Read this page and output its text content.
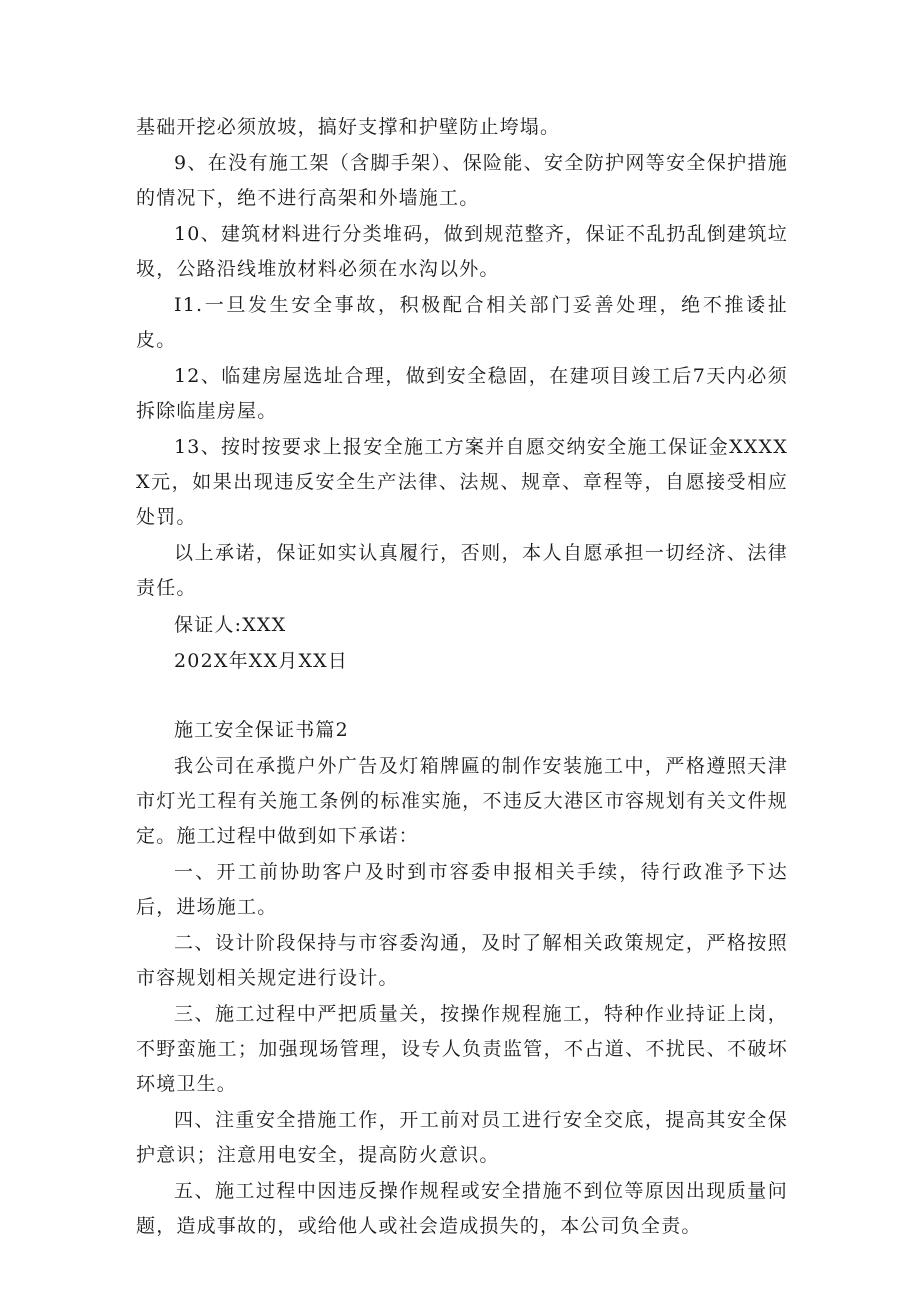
基础开挖必须放坡，搞好支撑和护壁防止垮塌。

9、在没有施工架（含脚手架）、保险能、安全防护网等安全保护措施的情况下，绝不进行高架和外墙施工。

10、建筑材料进行分类堆码，做到规范整齐，保证不乱扔乱倒建筑垃圾，公路沿线堆放材料必须在水沟以外。

I1.一旦发生安全事故，积极配合相关部门妥善处理，绝不推诿扯皮。

12、临建房屋选址合理，做到安全稳固，在建项目竣工后7天内必须拆除临崖房屋。

13、按时按要求上报安全施工方案并自愿交纳安全施工保证金XXXXX元，如果出现违反安全生产法律、法规、规章、章程等，自愿接受相应处罚。

以上承诺，保证如实认真履行，否则，本人自愿承担一切经济、法律责任。

保证人:XXX

202X年XX月XX日

施工安全保证书篇2

我公司在承揽户外广告及灯箱牌匾的制作安装施工中，严格遵照天津市灯光工程有关施工条例的标准实施，不违反大港区市容规划有关文件规定。施工过程中做到如下承诺：

一、开工前协助客户及时到市容委申报相关手续，待行政准予下达后，进场施工。

二、设计阶段保持与市容委沟通，及时了解相关政策规定，严格按照市容规划相关规定进行设计。

三、施工过程中严把质量关，按操作规程施工，特种作业持证上岗，不野蛮施工；加强现场管理，设专人负责监管，不占道、不扰民、不破坏环境卫生。

四、注重安全措施工作，开工前对员工进行安全交底，提高其安全保护意识；注意用电安全，提高防火意识。

五、施工过程中因违反操作规程或安全措施不到位等原因出现质量问题，造成事故的，或给他人或社会造成损失的，本公司负全责。
